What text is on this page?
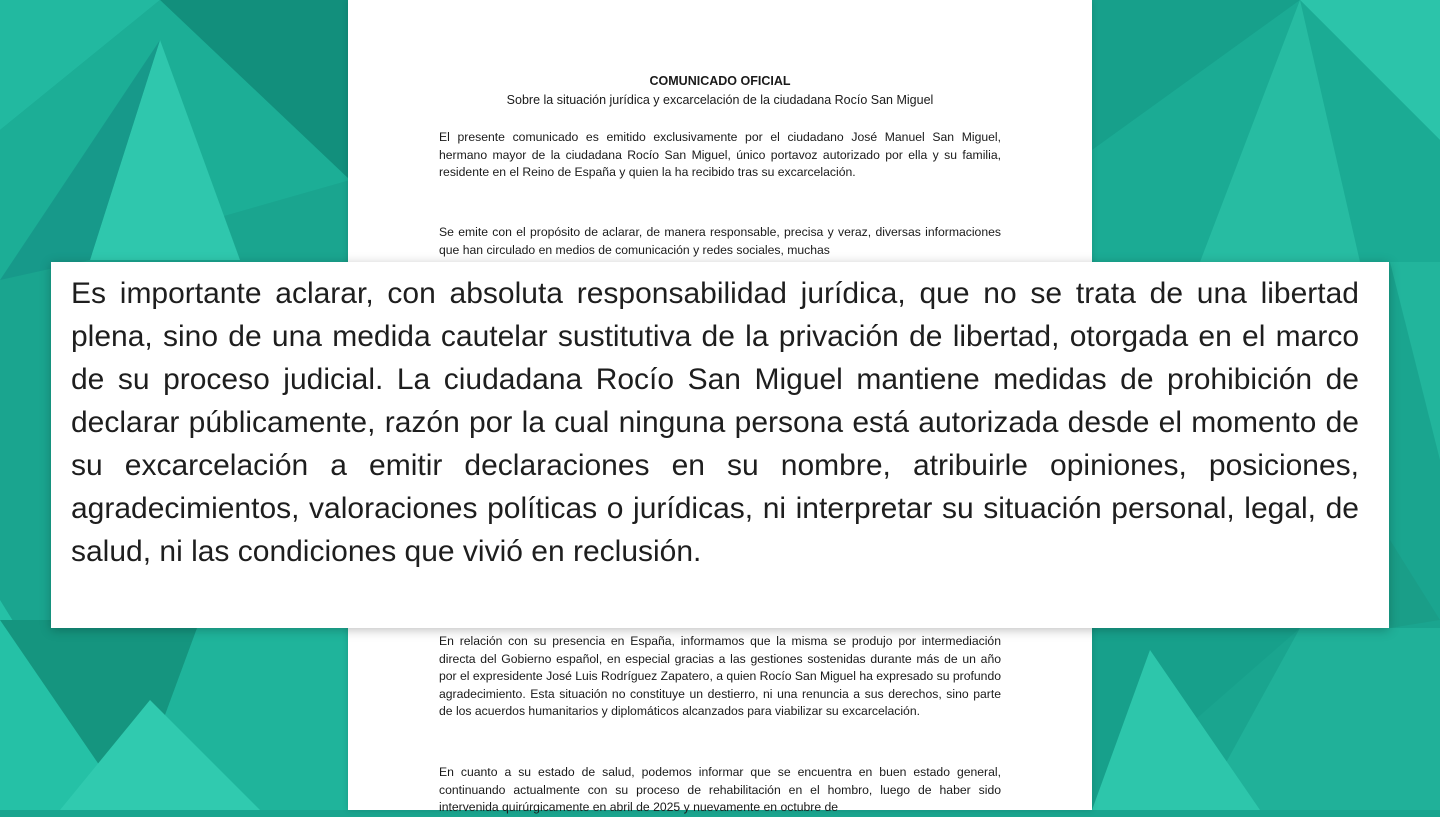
COMUNICADO OFICIAL
Sobre la situación jurídica y excarcelación de la ciudadana Rocío San Miguel

El presente comunicado es emitido exclusivamente por el ciudadano José Manuel San Miguel, hermano mayor de la ciudadana Rocío San Miguel, único portavoz autorizado por ella y su familia, residente en el Reino de España y quien la ha recibido tras su excarcelación.

Se emite con el propósito de aclarar, de manera responsable, precisa y veraz, diversas informaciones que han circulado en medios de comunicación y redes sociales, muchas

En relación con su presencia en España, informamos que la misma se produjo por intermediación directa del Gobierno español, en especial gracias a las gestiones sostenidas durante más de un año por el expresidente José Luis Rodríguez Zapatero, a quien Rocío San Miguel ha expresado su profundo agradecimiento. Esta situación no constituye un destierro, ni una renuncia a sus derechos, sino parte de los acuerdos humanitarios y diplomáticos alcanzados para viabilizar su excarcelación.

En cuanto a su estado de salud, podemos informar que se encuentra en buen estado general, continuando actualmente con su proceso de rehabilitación en el hombro, luego de haber sido intervenida quirúrgicamente en abril de 2025 y nuevamente en octubre de

Es importante aclarar, con absoluta responsabilidad jurídica, que no se trata de una libertad plena, sino de una medida cautelar sustitutiva de la privación de libertad, otorgada en el marco de su proceso judicial. La ciudadana Rocío San Miguel mantiene medidas de prohibición de declarar públicamente, razón por la cual ninguna persona está autorizada desde el momento de su excarcelación a emitir declaraciones en su nombre, atribuirle opiniones, posiciones, agradecimientos, valoraciones políticas o jurídicas, ni interpretar su situación personal, legal, de salud, ni las condiciones que vivió en reclusión.
